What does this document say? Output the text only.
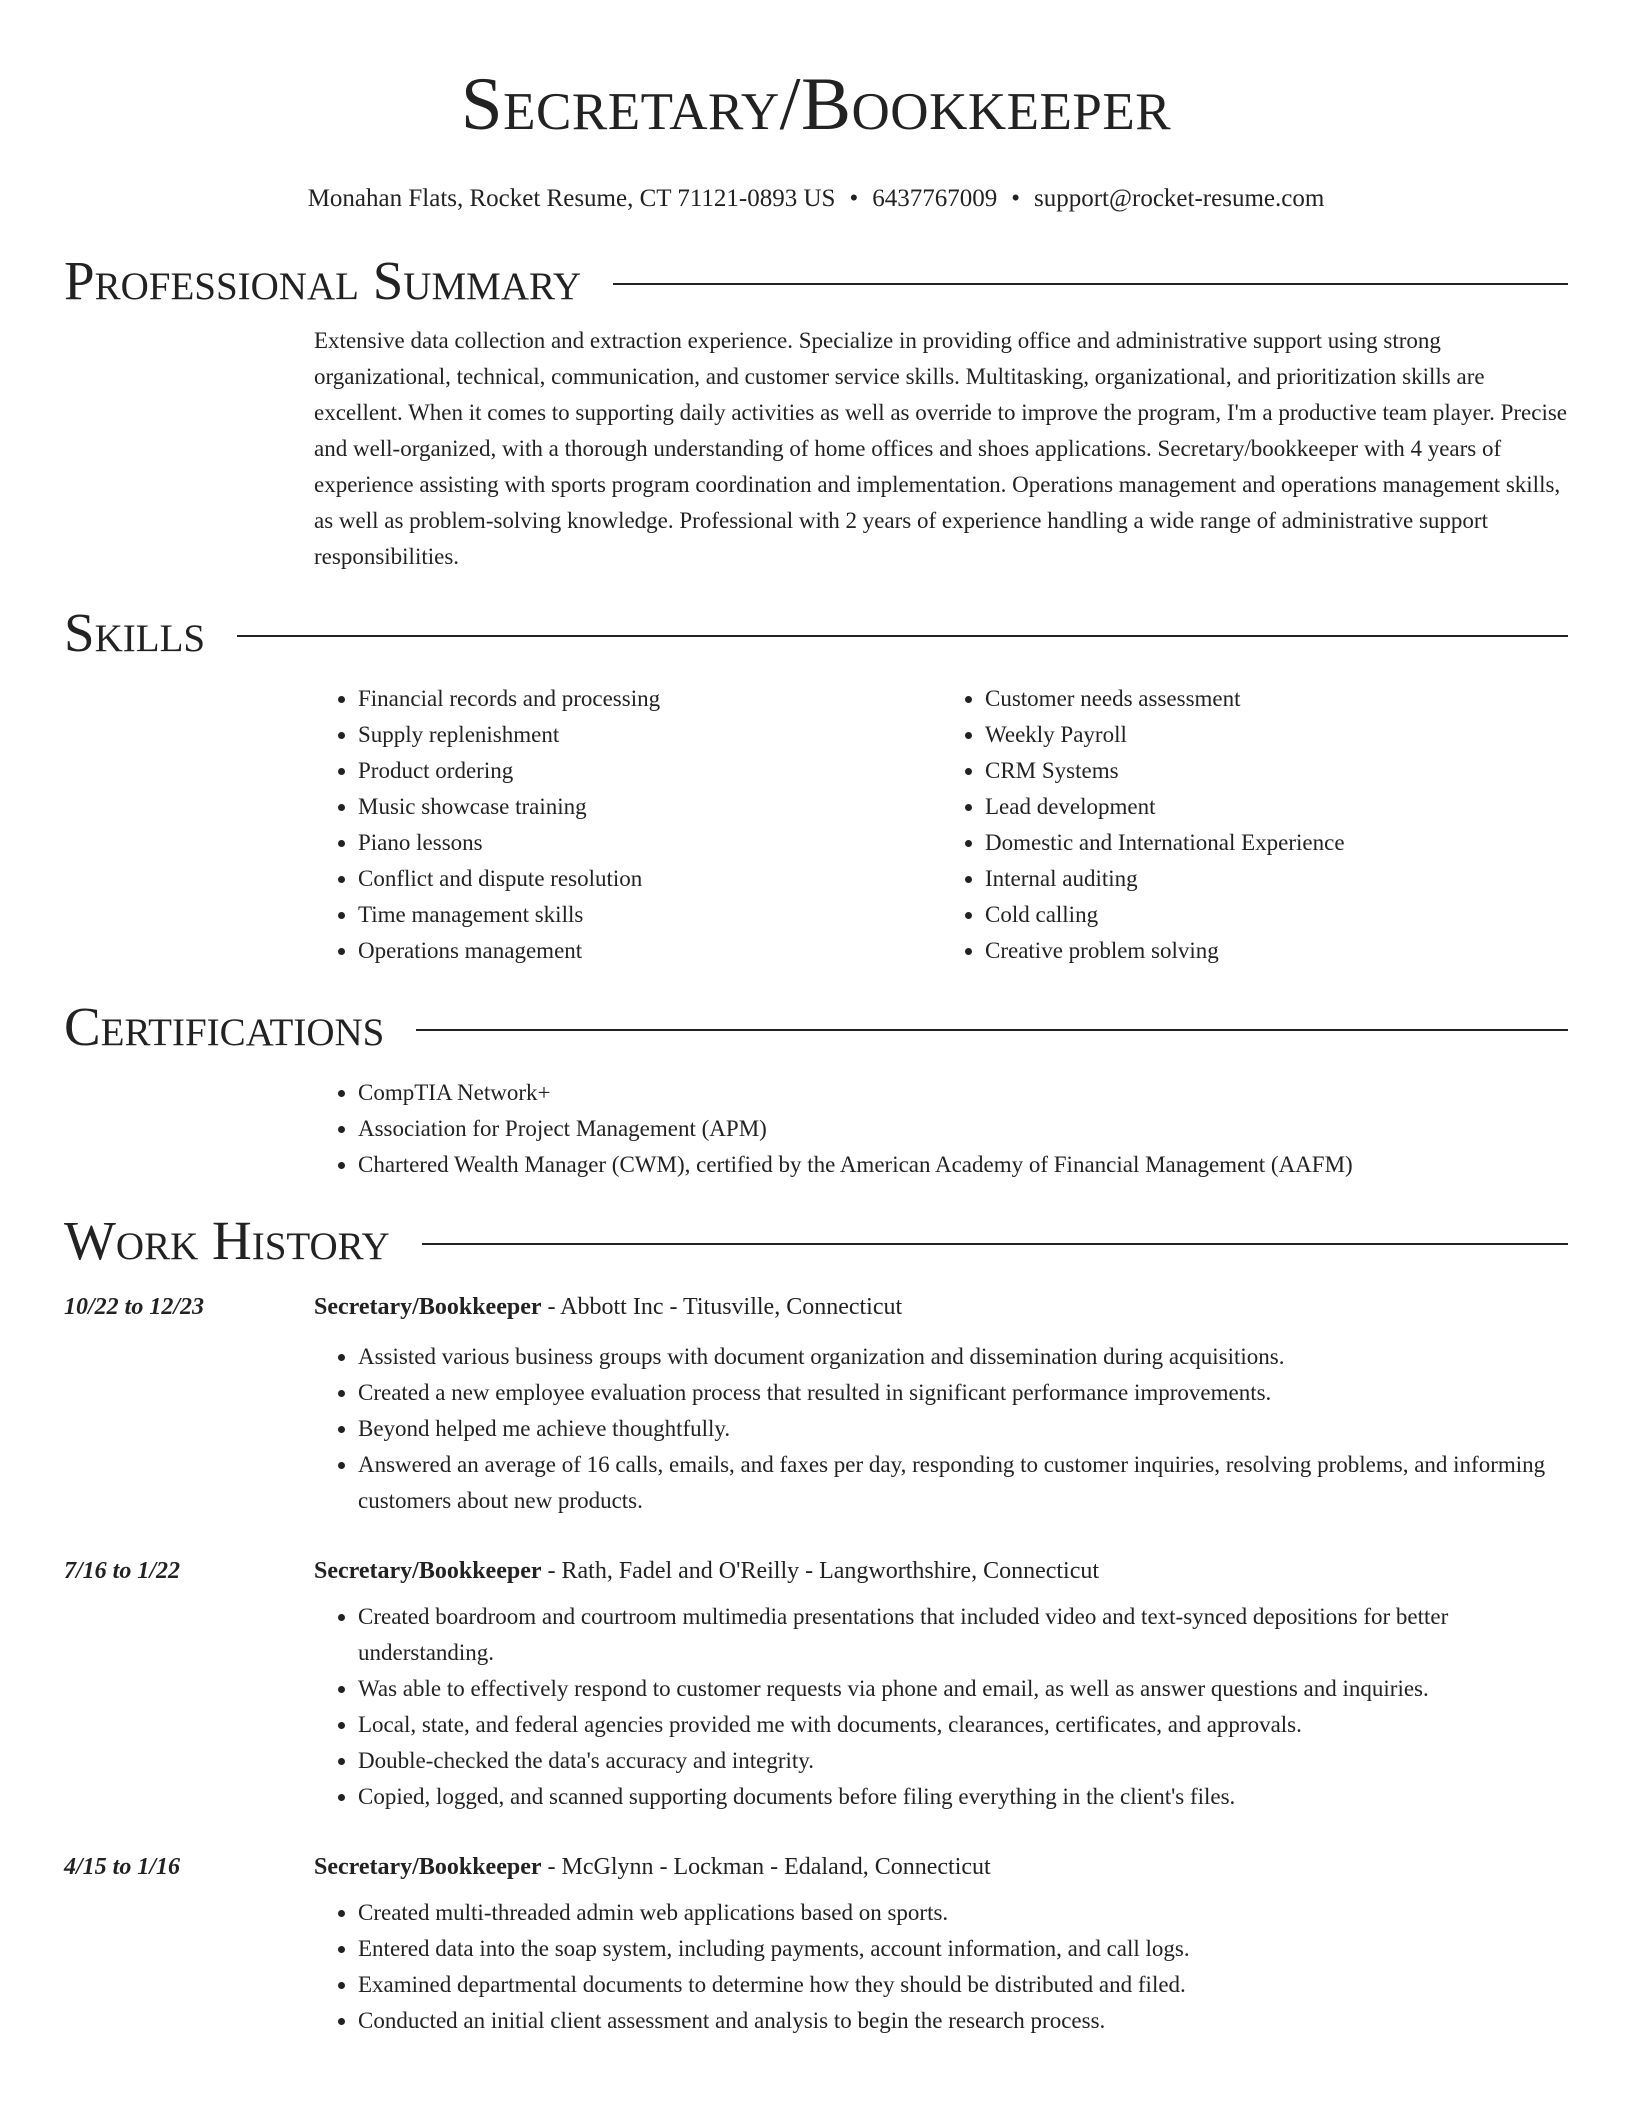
Secretary/Bookkeeper
Monahan Flats, Rocket Resume, CT 71121-0893 US • 6437767009 • support@rocket-resume.com
Professional Summary

Extensive data collection and extraction experience. Specialize in providing office and administrative support using strong organizational, technical, communication, and customer service skills. Multitasking, organizational, and prioritization skills are excellent. When it comes to supporting daily activities as well as override to improve the program, I'm a productive team player. Precise and well-organized, with a thorough understanding of home offices and shoes applications. Secretary/bookkeeper with 4 years of experience assisting with sports program coordination and implementation. Operations management and operations management skills, as well as problem-solving knowledge. Professional with 2 years of experience handling a wide range of administrative support responsibilities.

Skills
• Financial records and processing
• Supply replenishment
• Product ordering
• Music showcase training
• Piano lessons
• Conflict and dispute resolution
• Time management skills
• Operations management
• Customer needs assessment
• Weekly Payroll
• CRM Systems
• Lead development
• Domestic and International Experience
• Internal auditing
• Cold calling
• Creative problem solving
Certifications
• CompTIA Network+
• Association for Project Management (APM)
• Chartered Wealth Manager (CWM), certified by the American Academy of Financial Management (AAFM)
Work History
10/22 to 12/23	Secretary/Bookkeeper - Abbott Inc - Titusville, Connecticut
• Assisted various business groups with document organization and dissemination during acquisitions.
• Created a new employee evaluation process that resulted in significant performance improvements.
• Beyond helped me achieve thoughtfully.
• Answered an average of 16 calls, emails, and faxes per day, responding to customer inquiries, resolving problems, and informing customers about new products.
7/16 to 1/22	Secretary/Bookkeeper - Rath, Fadel and O'Reilly - Langworthshire, Connecticut
• Created boardroom and courtroom multimedia presentations that included video and text-synced depositions for better understanding.
• Was able to effectively respond to customer requests via phone and email, as well as answer questions and inquiries.
• Local, state, and federal agencies provided me with documents, clearances, certificates, and approvals.
• Double-checked the data's accuracy and integrity.
• Copied, logged, and scanned supporting documents before filing everything in the client's files.
4/15 to 1/16	Secretary/Bookkeeper - McGlynn - Lockman - Edaland, Connecticut
• Created multi-threaded admin web applications based on sports.
• Entered data into the soap system, including payments, account information, and call logs.
• Examined departmental documents to determine how they should be distributed and filed.
• Conducted an initial client assessment and analysis to begin the research process.
